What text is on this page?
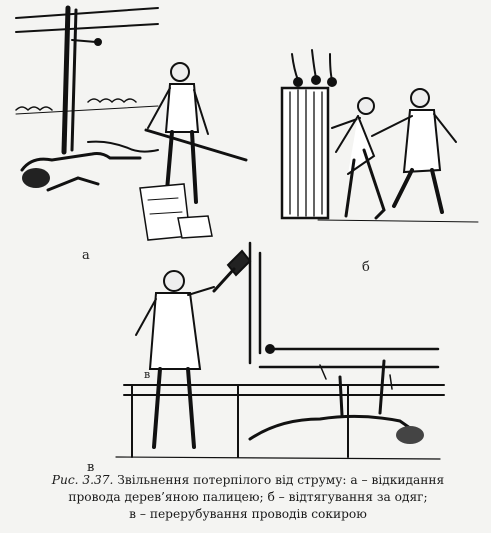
а
б
в
в
Рис. 3.37. Звільнення потерпілого від струму: а – відкидання
провода дерев’яною палицею; б – відтягування за одяг;
в – перерубування проводів сокирою
